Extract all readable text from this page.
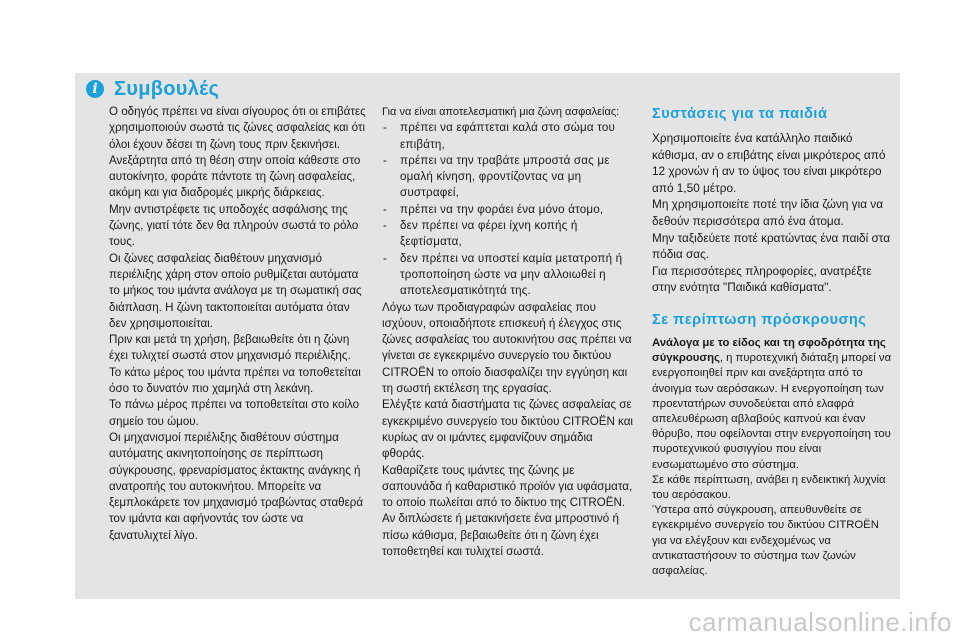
i Συμβουλές

Ο οδηγός πρέπει να είναι σίγουρος ότι οι επιβάτες χρησιμοποιούν σωστά τις ζώνες ασφαλείας και ότι όλοι έχουν δέσει τη ζώνη τους πριν ξεκινήσει.

Ανεξάρτητα από τη θέση στην οποία κάθεστε στο αυτοκίνητο, φοράτε πάντοτε τη ζώνη ασφαλείας, ακόμη και για διαδρομές μικρής διάρκειας.

Μην αντιστρέφετε τις υποδοχές ασφάλισης της ζώνης, γιατί τότε δεν θα πληρούν σωστά το ρόλο τους.

Οι ζώνες ασφαλείας διαθέτουν μηχανισμό περιέλιξης χάρη στον οποίο ρυθμίζεται αυτόματα το μήκος του ιμάντα ανάλογα με τη σωματική σας διάπλαση. Η ζώνη τακτοποιείται αυτόματα όταν δεν χρησιμοποιείται.

Πριν και μετά τη χρήση, βεβαιωθείτε ότι η ζώνη έχει τυλιχτεί σωστά στον μηχανισμό περιέλιξης.

Το κάτω μέρος του ιμάντα πρέπει να τοποθετείται όσο το δυνατόν πιο χαμηλά στη λεκάνη.

Το πάνω μέρος πρέπει να τοποθετείται στο κοίλο σημείο του ώμου.

Οι μηχανισμοί περιέλιξης διαθέτουν σύστημα αυτόματης ακινητοποίησης σε περίπτωση σύγκρουσης, φρεναρίσματος έκτακτης ανάγκης ή ανατροπής του αυτοκινήτου. Μπορείτε να ξεμπλοκάρετε τον μηχανισμό τραβώντας σταθερά τον ιμάντα και αφήνοντάς τον ώστε να ξανατυλιχτεί λίγο.

Για να είναι αποτελεσματική μια ζώνη ασφαλείας:

- πρέπει να εφάπτεται καλά στο σώμα του επιβάτη,
- πρέπει να την τραβάτε μπροστά σας με ομαλή κίνηση, φροντίζοντας να μη συστραφεί,
- πρέπει να την φοράει ένα μόνο άτομο,
- δεν πρέπει να φέρει ίχνη κοπής ή ξεφτίσματα,
- δεν πρέπει να υποστεί καμία μετατροπή ή τροποποίηση ώστε να μην αλλοιωθεί η αποτελεσματικότητά της.

Λόγω των προδιαγραφών ασφαλείας που ισχύουν, οποιαδήποτε επισκευή ή έλεγχος στις ζώνες ασφαλείας του αυτοκινήτου σας πρέπει να γίνεται σε εγκεκριμένο συνεργείο του δικτύου CITROËN το οποίο διασφαλίζει την εγγύηση και τη σωστή εκτέλεση της εργασίας.

Ελέγξτε κατά διαστήματα τις ζώνες ασφαλείας σε εγκεκριμένο συνεργείο του δικτύου CITROËN και κυρίως αν οι ιμάντες εμφανίζουν σημάδια φθοράς.

Καθαρίζετε τους ιμάντες της ζώνης με σαπουνάδα ή καθαριστικό προϊόν για υφάσματα, το οποίο πωλείται από το δίκτυο της CITROËN.

Αν διπλώσετε ή μετακινήσετε ένα μπροστινό ή πίσω κάθισμα, βεβαιωθείτε ότι η ζώνη έχει τοποθετηθεί και τυλιχτεί σωστά.

Συστάσεις για τα παιδιά

Χρησιμοποιείτε ένα κατάλληλο παιδικό κάθισμα, αν ο επιβάτης είναι μικρότερος από 12 χρονών ή αν το ύψος του είναι μικρότερο από 1,50 μέτρο.

Μη χρησιμοποιείτε ποτέ την ίδια ζώνη για να δεθούν περισσότερα από ένα άτομα.

Μην ταξιδεύετε ποτέ κρατώντας ένα παιδί στα πόδια σας.

Για περισσότερες πληροφορίες, ανατρέξτε στην ενότητα "Παιδικά καθίσματα".

Σε περίπτωση πρόσκρουσης

Ανάλογα με το είδος και τη σφοδρότητα της σύγκρουσης, η πυροτεχνική διάταξη μπορεί να ενεργοποιηθεί πριν και ανεξάρτητα από το άνοιγμα των αερόσακων. Η ενεργοποίηση των προεντατήρων συνοδεύεται από ελαφρά απελευθέρωση αβλαβούς καπνού και έναν θόρυβο, που οφείλονται στην ενεργοποίηση του πυροτεχνικού φυσιγγίου που είναι ενσωματωμένο στο σύστημα.

Σε κάθε περίπτωση, ανάβει η ενδεικτική λυχνία του αερόσακου.

Ύστερα από σύγκρουση, απευθυνθείτε σε εγκεκριμένο συνεργείο του δικτύου CITROËN για να ελέγξουν και ενδεχομένως να αντικαταστήσουν το σύστημα των ζωνών ασφαλείας.

carmanualsonline.info
